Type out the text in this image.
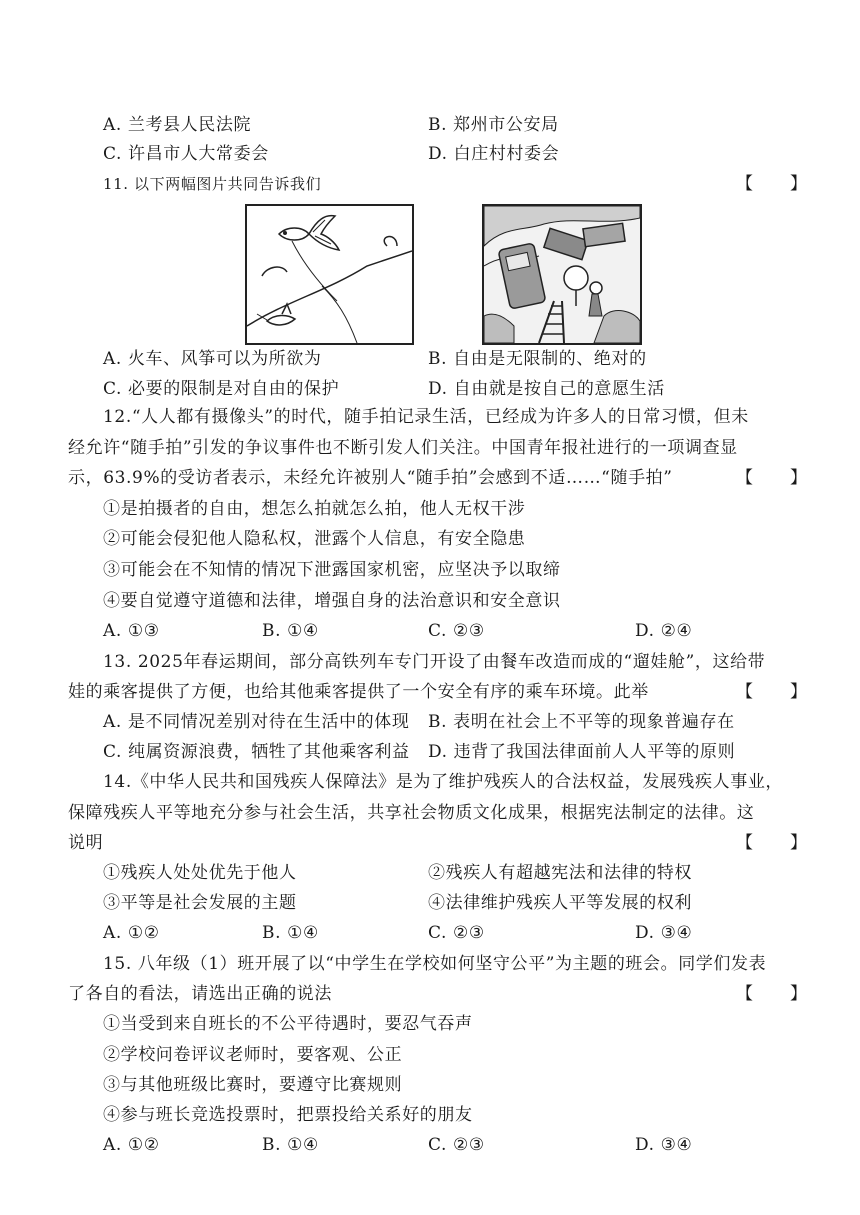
A. 兰考县人民法院	B. 郑州市公安局
C. 许昌市人大常委会	D. 白庄村村委会
11. 以下两幅图片共同告诉我们	【　　】
A. 火车、风筝可以为所欲为	B. 自由是无限制的、绝对的
C. 必要的限制是对自由的保护	D. 自由就是按自己的意愿生活
12.“人人都有摄像头”的时代，随手拍记录生活，已经成为许多人的日常习惯，但未
经允许“随手拍”引发的争议事件也不断引发人们关注。中国青年报社进行的一项调查显
示，63.9%的受访者表示，未经允许被别人“随手拍”会感到不适……“随手拍”	【　　】
①是拍摄者的自由，想怎么拍就怎么拍，他人无权干涉
②可能会侵犯他人隐私权，泄露个人信息，有安全隐患
③可能会在不知情的情况下泄露国家机密，应坚决予以取缔
④要自觉遵守道德和法律，增强自身的法治意识和安全意识
A. ①③	B. ①④	C. ②③	D. ②④
13. 2025年春运期间，部分高铁列车专门开设了由餐车改造而成的“遛娃舱”，这给带
娃的乘客提供了方便，也给其他乘客提供了一个安全有序的乘车环境。此举	【　　】
A. 是不同情况差别对待在生活中的体现 B. 表明在社会上不平等的现象普遍存在
C. 纯属资源浪费，牺牲了其他乘客利益 D. 违背了我国法律面前人人平等的原则
14.《中华人民共和国残疾人保障法》是为了维护残疾人的合法权益，发展残疾人事业，
保障残疾人平等地充分参与社会生活，共享社会物质文化成果，根据宪法制定的法律。这
说明	【　　】
①残疾人处处优先于他人	②残疾人有超越宪法和法律的特权
③平等是社会发展的主题	④法律维护残疾人平等发展的权利
A. ①②	B. ①④	C. ②③	D. ③④
15. 八年级（1）班开展了以“中学生在学校如何坚守公平”为主题的班会。同学们发表
了各自的看法，请选出正确的说法	【　　】
①当受到来自班长的不公平待遇时，要忍气吞声
②学校问卷评议老师时，要客观、公正
③与其他班级比赛时，要遵守比赛规则
④参与班长竞选投票时，把票投给关系好的朋友
A. ①②	B. ①④	C. ②③	D. ③④
